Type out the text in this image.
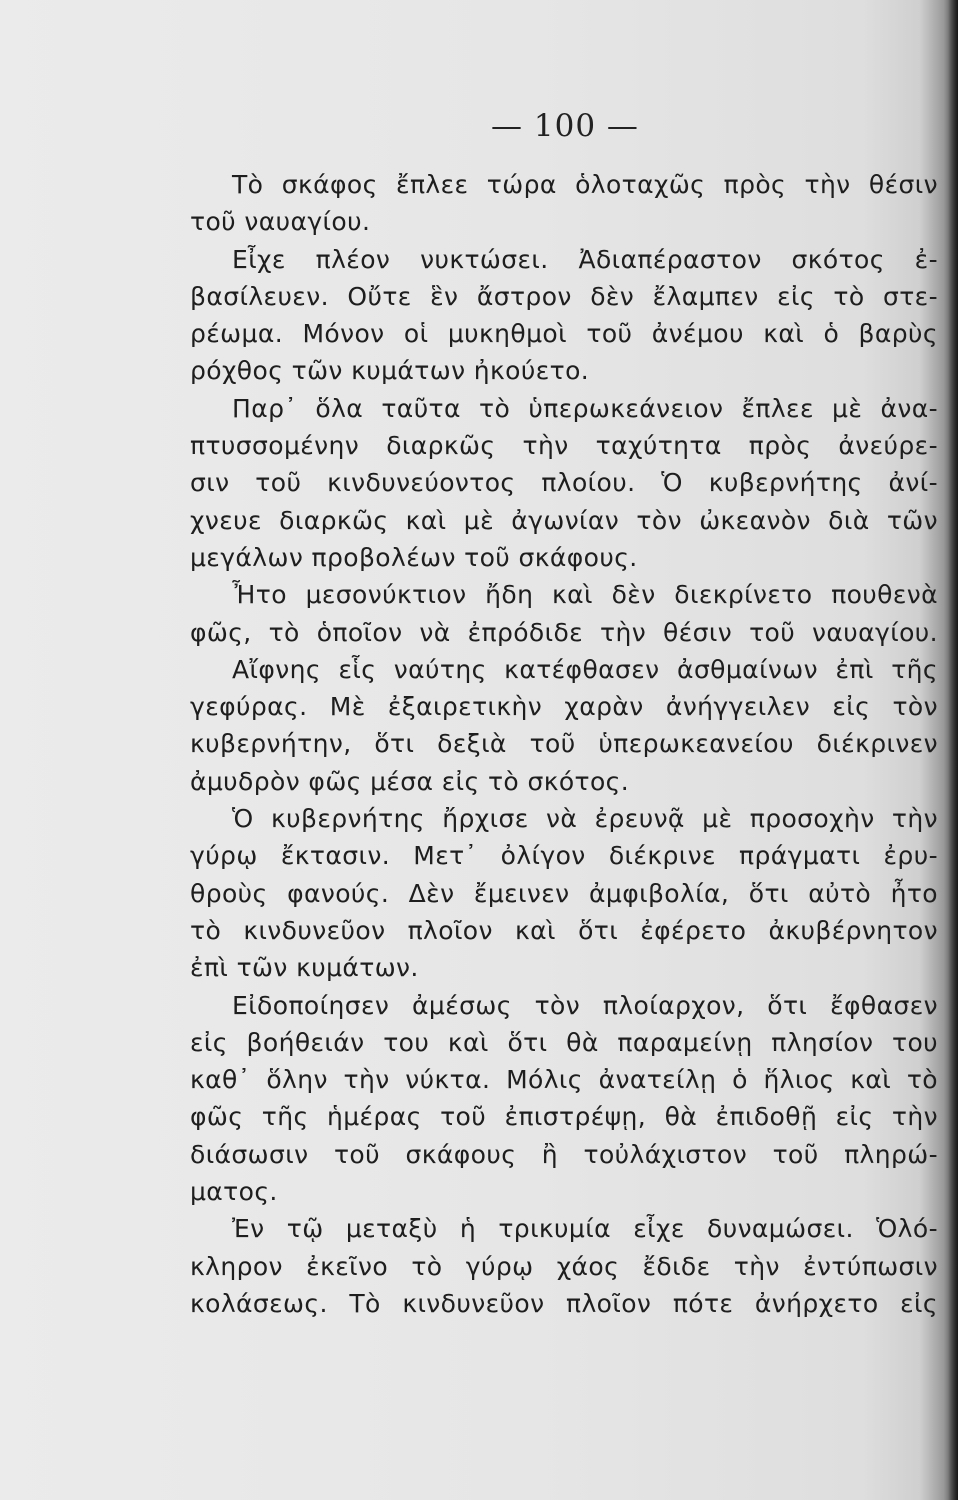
— 100 —
Τὸ σκάφος ἔπλεε τώρα ὁλοταχῶς πρὸς τὴν θέσιν
τοῦ ναυαγίου.
Εἶχε πλέον νυκτώσει. Ἀδιαπέραστον σκότος ἐ-
βασίλευεν. Οὔτε ἓν ἄστρον δὲν ἔλαμπεν εἰς τὸ στε-
ρέωμα. Μόνον οἱ μυκηθμοὶ τοῦ ἀνέμου καὶ ὁ βαρὺς
ρόχθος τῶν κυμάτων ἠκούετο.
Παρ᾽ ὅλα ταῦτα τὸ ὑπερωκεάνειον ἔπλεε μὲ ἀνα-
πτυσσομένην διαρκῶς τὴν ταχύτητα πρὸς ἀνεύρε-
σιν τοῦ κινδυνεύοντος πλοίου. Ὁ κυβερνήτης ἀνί-
χνευε διαρκῶς καὶ μὲ ἀγωνίαν τὸν ὠκεανὸν διὰ τῶν
μεγάλων προβολέων τοῦ σκάφους.
Ἦτο μεσονύκτιον ἤδη καὶ δὲν διεκρίνετο πουθενὰ
φῶς, τὸ ὁποῖον νὰ ἐπρόδιδε τὴν θέσιν τοῦ ναυαγίου.
Αἴφνης εἷς ναύτης κατέφθασεν ἀσθμαίνων ἐπὶ τῆς
γεφύρας. Μὲ ἐξαιρετικὴν χαρὰν ἀνήγγειλεν εἰς τὸν
κυβερνήτην, ὅτι δεξιὰ τοῦ ὑπερωκεανείου διέκρινεν
ἀμυδρὸν φῶς μέσα εἰς τὸ σκότος.
Ὁ κυβερνήτης ἤρχισε νὰ ἐρευνᾷ μὲ προσοχὴν τὴν
γύρῳ ἔκτασιν. Μετ᾽ ὀλίγον διέκρινε πράγματι ἐρυ-
θροὺς φανούς. Δὲν ἔμεινεν ἀμφιβολία, ὅτι αὐτὸ ἦτο
τὸ κινδυνεῦον πλοῖον καὶ ὅτι ἐφέρετο ἀκυβέρνητον
ἐπὶ τῶν κυμάτων.
Εἰδοποίησεν ἀμέσως τὸν πλοίαρχον, ὅτι ἔφθασεν
εἰς βοήθειάν του καὶ ὅτι θὰ παραμείνῃ πλησίον του
καθ᾽ ὅλην τὴν νύκτα. Μόλις ἀνατείλῃ ὁ ἥλιος καὶ τὸ
φῶς τῆς ἡμέρας τοῦ ἐπιστρέψῃ, θὰ ἐπιδοθῇ εἰς τὴν
διάσωσιν τοῦ σκάφους ἢ τοὐλάχιστον τοῦ πληρώ-
ματος.
Ἐν τῷ μεταξὺ ἡ τρικυμία εἶχε δυναμώσει. Ὁλό-
κληρον ἐκεῖνο τὸ γύρῳ χάος ἔδιδε τὴν ἐντύπωσιν
κολάσεως. Τὸ κινδυνεῦον πλοῖον πότε ἀνήρχετο εἰς
